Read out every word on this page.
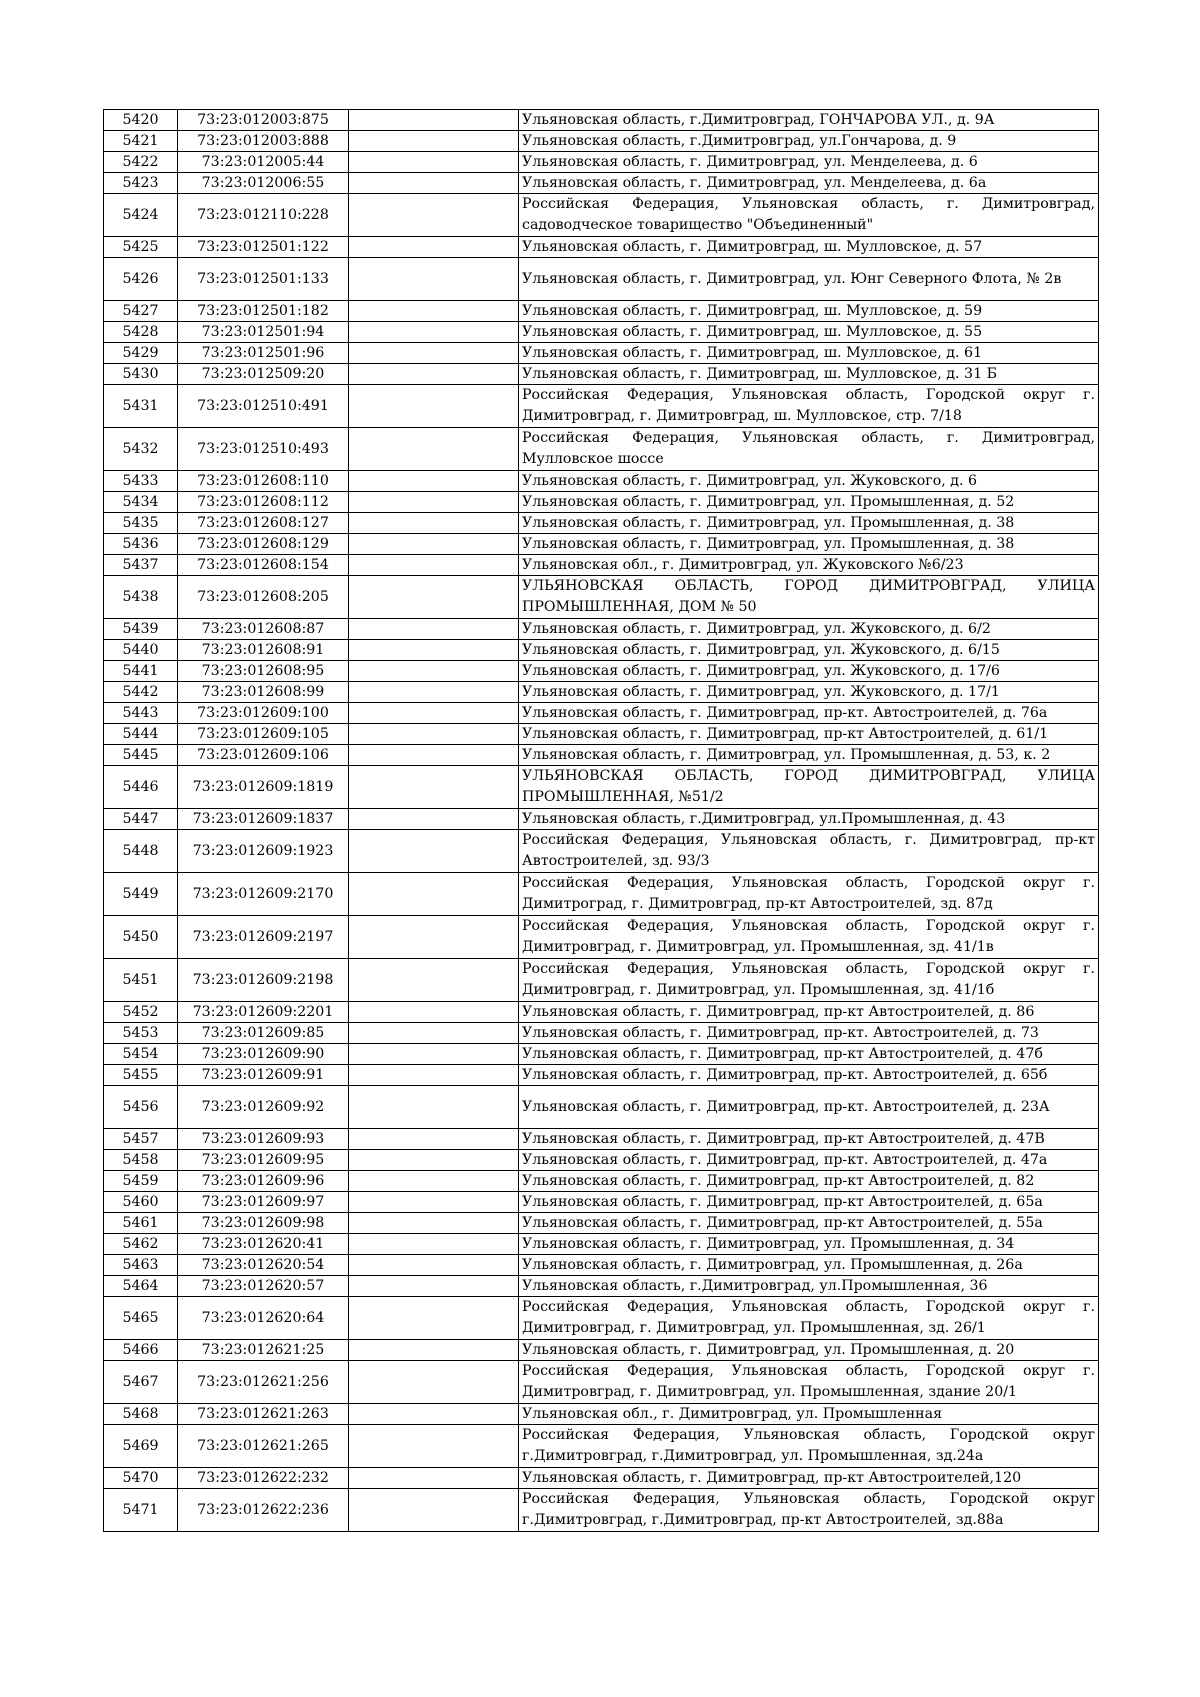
5420	73:23:012003:875		Ульяновская область, г.Димитровград, ГОНЧАРОВА УЛ., д. 9А
5421	73:23:012003:888		Ульяновская область, г.Димитровград, ул.Гончарова, д. 9
5422	73:23:012005:44		Ульяновская область, г. Димитровград, ул. Менделеева, д. 6
5423	73:23:012006:55		Ульяновская область, г. Димитровград, ул. Менделеева, д. 6а
5424	73:23:012110:228		Российская Федерация, Ульяновская область, г. Димитровград, садоводческое товарищество "Объединенный"
5425	73:23:012501:122		Ульяновская область, г. Димитровград, ш. Мулловское, д. 57
5426	73:23:012501:133		Ульяновская область, г. Димитровград, ул. Юнг Северного Флота, № 2в
5427	73:23:012501:182		Ульяновская область, г. Димитровград, ш. Мулловское, д. 59
5428	73:23:012501:94		Ульяновская область, г. Димитровград, ш. Мулловское, д. 55
5429	73:23:012501:96		Ульяновская область, г. Димитровград, ш. Мулловское, д. 61
5430	73:23:012509:20		Ульяновская область, г. Димитровград, ш. Мулловское, д. 31 Б
5431	73:23:012510:491		Российская Федерация, Ульяновская область, Городской округ г. Димитровград, г. Димитровград, ш. Мулловское, стр. 7/18
5432	73:23:012510:493		Российская Федерация, Ульяновская область, г. Димитровград, Мулловское шоссе
5433	73:23:012608:110		Ульяновская область, г. Димитровград, ул. Жуковского, д. 6
5434	73:23:012608:112		Ульяновская область, г. Димитровград, ул. Промышленная, д. 52
5435	73:23:012608:127		Ульяновская область, г. Димитровград, ул. Промышленная, д. 38
5436	73:23:012608:129		Ульяновская область, г. Димитровград, ул. Промышленная, д. 38
5437	73:23:012608:154		Ульяновская обл., г. Димитровград, ул. Жуковского №6/23
5438	73:23:012608:205		УЛЬЯНОВСКАЯ ОБЛАСТЬ, ГОРОД ДИМИТРОВГРАД, УЛИЦА ПРОМЫШЛЕННАЯ, ДОМ № 50
5439	73:23:012608:87		Ульяновская область, г. Димитровград, ул. Жуковского, д. 6/2
5440	73:23:012608:91		Ульяновская область, г. Димитровград, ул. Жуковского, д. 6/15
5441	73:23:012608:95		Ульяновская область, г. Димитровград, ул. Жуковского, д. 17/6
5442	73:23:012608:99		Ульяновская область, г. Димитровград, ул. Жуковского, д. 17/1
5443	73:23:012609:100		Ульяновская область, г. Димитровград, пр-кт. Автостроителей, д. 76а
5444	73:23:012609:105		Ульяновская область, г. Димитровград, пр-кт Автостроителей, д. 61/1
5445	73:23:012609:106		Ульяновская область, г. Димитровград, ул. Промышленная, д. 53, к. 2
5446	73:23:012609:1819		УЛЬЯНОВСКАЯ ОБЛАСТЬ, ГОРОД ДИМИТРОВГРАД, УЛИЦА ПРОМЫШЛЕННАЯ, №51/2
5447	73:23:012609:1837		Ульяновская область, г.Димитровград, ул.Промышленная, д. 43
5448	73:23:012609:1923		Российская Федерация, Ульяновская область, г. Димитровград, пр-кт Автостроителей, зд. 93/3
5449	73:23:012609:2170		Российская Федерация, Ульяновская область, Городской округ г. Димитроград, г. Димитровград, пр-кт Автостроителей, зд. 87д
5450	73:23:012609:2197		Российская Федерация, Ульяновская область, Городской округ г. Димитровград, г. Димитровград, ул. Промышленная, зд. 41/1в
5451	73:23:012609:2198		Российская Федерация, Ульяновская область, Городской округ г. Димитровград, г. Димитровград, ул. Промышленная, зд. 41/1б
5452	73:23:012609:2201		Ульяновская область, г. Димитровград, пр-кт Автостроителей, д. 86
5453	73:23:012609:85		Ульяновская область, г. Димитровград, пр-кт. Автостроителей, д. 73
5454	73:23:012609:90		Ульяновская область, г. Димитровград, пр-кт Автостроителей, д. 47б
5455	73:23:012609:91		Ульяновская область, г. Димитровград, пр-кт. Автостроителей, д. 65б
5456	73:23:012609:92		Ульяновская область, г. Димитровград, пр-кт. Автостроителей, д. 23А
5457	73:23:012609:93		Ульяновская область, г. Димитровград, пр-кт Автостроителей, д. 47В
5458	73:23:012609:95		Ульяновская область, г. Димитровград, пр-кт. Автостроителей, д. 47а
5459	73:23:012609:96		Ульяновская область, г. Димитровград, пр-кт Автостроителей, д. 82
5460	73:23:012609:97		Ульяновская область, г. Димитровград, пр-кт Автостроителей, д. 65а
5461	73:23:012609:98		Ульяновская область, г. Димитровград, пр-кт Автостроителей, д. 55а
5462	73:23:012620:41		Ульяновская область, г. Димитровград, ул. Промышленная, д. 34
5463	73:23:012620:54		Ульяновская область, г. Димитровград, ул. Промышленная, д. 26а
5464	73:23:012620:57		Ульяновская область, г.Димитровград, ул.Промышленная, 36
5465	73:23:012620:64		Российская Федерация, Ульяновская область, Городской округ г. Димитровград, г. Димитровград, ул. Промышленная, зд. 26/1
5466	73:23:012621:25		Ульяновская область, г. Димитровград, ул. Промышленная, д. 20
5467	73:23:012621:256		Российская Федерация, Ульяновская область, Городской округ г. Димитровград, г. Димитровград, ул. Промышленная, здание 20/1
5468	73:23:012621:263		Ульяновская обл., г. Димитровград, ул. Промышленная
5469	73:23:012621:265		Российская Федерация, Ульяновская область, Городской округ г.Димитровград, г.Димитровград, ул. Промышленная, зд.24а
5470	73:23:012622:232		Ульяновская область, г. Димитровград, пр-кт Автостроителей,120
5471	73:23:012622:236		Российская Федерация, Ульяновская область, Городской округ г.Димитровград, г.Димитровград, пр-кт Автостроителей, зд.88а
